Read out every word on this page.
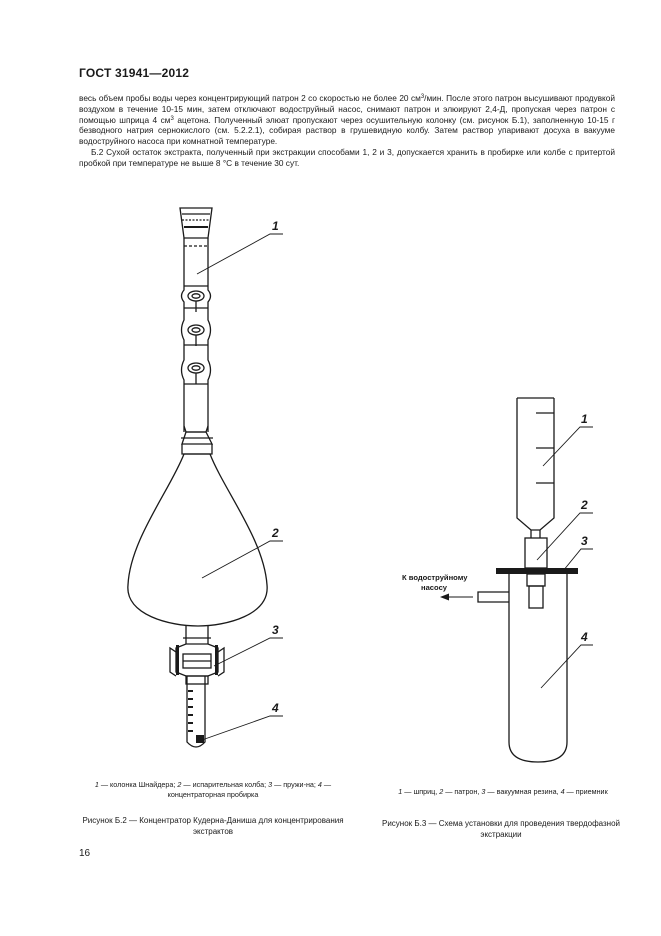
ГОСТ 31941—2012

весь объем пробы воды через концентрирующий патрон 2 со скоростью не более 20 $см^3$/мин. После этого патрон высушивают продувкой воздухом в течение 10-15 мин, затем отключают водоструйный насос, снимают патрон и элюируют 2,4-Д, пропуская через патрон с помощью шприца 4 $см^3$ ацетона. Полученный элюат пропускают через осушительную колонку (см. рисунок Б.1), заполненную 10-15 г безводного натрия сернокислого (см. 5.2.2.1), собирая раствор в грушевидную колбу. Затем раствор упаривают досуха в вакууме водоструйного насоса при комнатной температуре.

Б.2 Сухой остаток экстракта, полученный при экстракции способами 1, 2 и 3, допускается хранить в пробирке или колбе с притертой пробкой при температуре не выше 8 °С в течение 30 сут.

1
2
3
4
1 — колонка Шнайдера; 2 — испарительная колба; 3 — пружи-на; 4 — концентраторная пробирка
Рисунок Б.2 — Концентратор Кудерна-Даниша для концентрирования экстрактов
К водоструйному
насосу
1
2
3
4
1 — шприц, 2 — патрон, 3 — вакуумная резина, 4 — приемник
Рисунок Б.3 — Схема установки для проведения твердофазной экстракции
16
